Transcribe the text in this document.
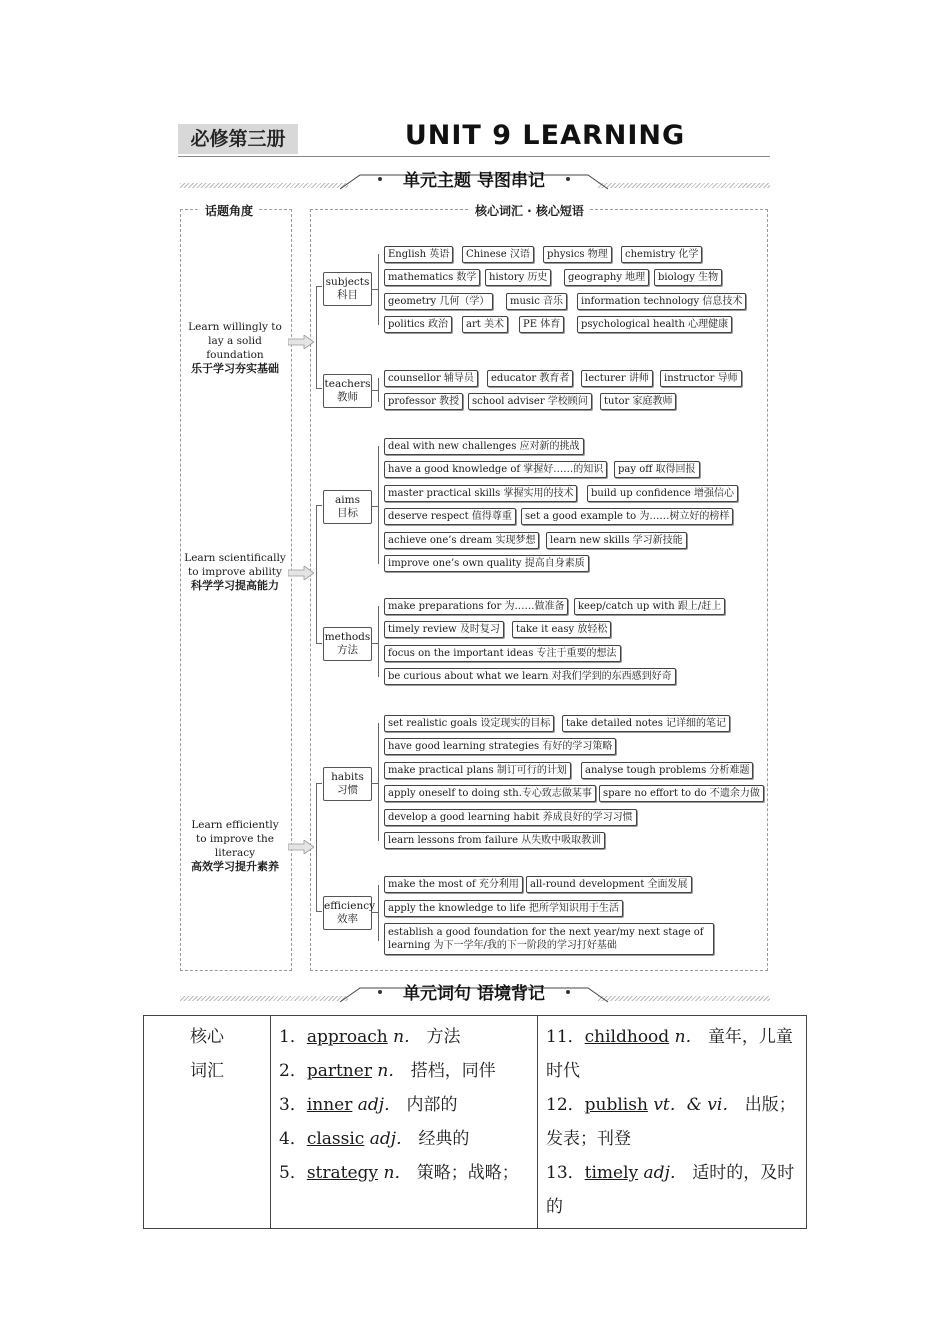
必修第三册	UNIT 9 LEARNING
单元主题 导图串记
话题角度	核心词汇 · 核心短语
Learn willingly to lay a solid foundation
乐于学习夯实基础
Learn scientifically to improve ability
科学学习提高能力
Learn efficiently to improve the literacy
高效学习提升素养
subjects
科目
teachers
教师
aims
目标
methods
方法
habits
习惯
efficiency
效率
English 英语	Chinese 汉语	physics 物理	chemistry 化学
mathematics 数学	history 历史	geography 地理	biology 生物
geometry 几何（学）	music 音乐	information technology 信息技术
politics 政治	art 美术	PE 体育	psychological health 心理健康
counsellor 辅导员	educator 教育者	lecturer 讲师	instructor 导师
professor 教授	school adviser 学校顾问	tutor 家庭教师
deal with new challenges 应对新的挑战
have a good knowledge of 掌握好……的知识	pay off 取得回报
master practical skills 掌握实用的技术	build up confidence 增强信心
deserve respect 值得尊重	set a good example to 为……树立好的榜样
achieve one’s dream 实现梦想	learn new skills 学习新技能
improve one’s own quality 提高自身素质
make preparations for 为……做准备	keep/catch up with 跟上/赶上
timely review 及时复习	take it easy 放轻松
focus on the important ideas 专注于重要的想法
be curious about what we learn 对我们学到的东西感到好奇
set realistic goals 设定现实的目标	take detailed notes 记详细的笔记
have good learning strategies 有好的学习策略
make practical plans 制订可行的计划	analyse tough problems 分析难题
apply oneself to doing sth.专心致志做某事	spare no effort to do 不遗余力做
develop a good learning habit 养成良好的学习习惯
learn lessons from failure 从失败中吸取教训
make the most of 充分利用	all-round development 全面发展
apply the knowledge to life 把所学知识用于生活
establish a good foundation for the next year/my next stage of learning 为下一学年/我的下一阶段的学习打好基础
单元词句 语境背记
核心
词汇

1．approach n． 方法
2．partner n． 搭档，同伴
3．inner adj． 内部的
4．classic adj． 经典的
5．strategy n． 策略；战略；

11．childhood n． 童年，儿童时代
12．publish vt．& vi． 出版；发表；刊登
13．timely adj． 适时的，及时的
